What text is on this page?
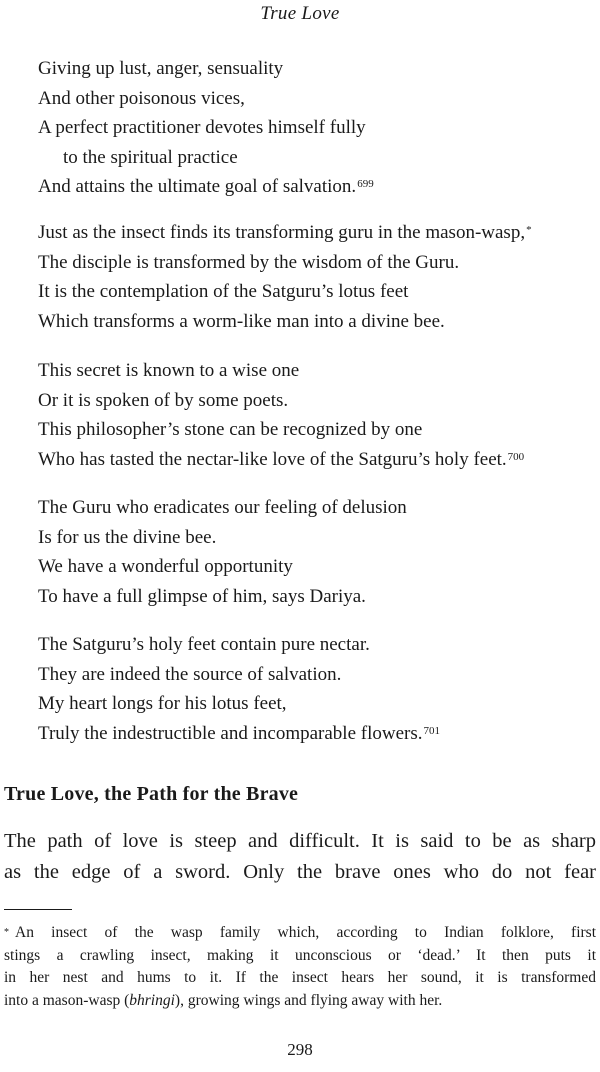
True Love
Giving up lust, anger, sensuality
And other poisonous vices,
A perfect practitioner devotes himself fully
to the spiritual practice
And attains the ultimate goal of salvation.$^{699}$
Just as the insect finds its transforming guru in the mason-wasp,*
The disciple is transformed by the wisdom of the Guru.
It is the contemplation of the Satguru’s lotus feet
Which transforms a worm-like man into a divine bee.
This secret is known to a wise one
Or it is spoken of by some poets.
This philosopher’s stone can be recognized by one
Who has tasted the nectar-like love of the Satguru’s holy feet.$^{700}$
The Guru who eradicates our feeling of delusion
Is for us the divine bee.
We have a wonderful opportunity
To have a full glimpse of him, says Dariya.
The Satguru’s holy feet contain pure nectar.
They are indeed the source of salvation.
My heart longs for his lotus feet,
Truly the indestructible and incomparable flowers.$^{701}$
True Love, the Path for the Brave
The path of love is steep and difficult. It is said to be as sharp
as the edge of a sword. Only the brave ones who do not fear
* An insect of the wasp family which, according to Indian folklore, first
stings a crawling insect, making it unconscious or ‘dead.’ It then puts it
in her nest and hums to it. If the insect hears her sound, it is transformed
into a mason-wasp (bhringi), growing wings and flying away with her.
298
